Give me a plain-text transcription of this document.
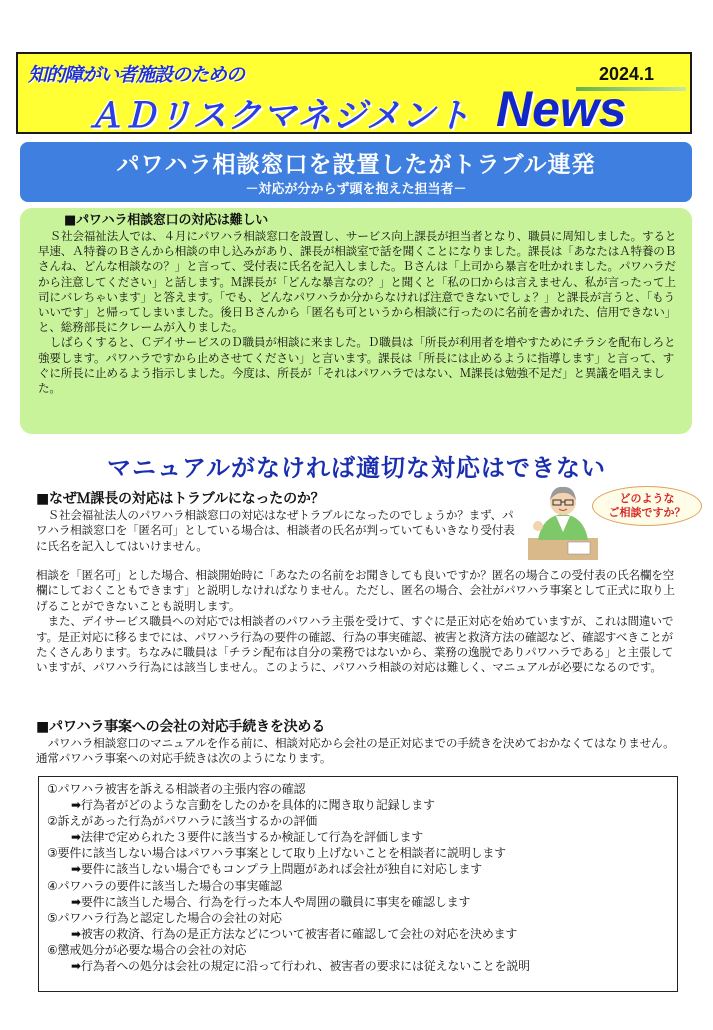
知的障がい者施設のための	2024.1
ＡＤリスクマネジメント News
パワハラ相談窓口を設置したがトラブル連発
－対応が分からず頭を抱えた担当者－
■パワハラ相談窓口の対応は難しい

Ｓ社会福祉法人では、４月にパワハラ相談窓口を設置し、サービス向上課長が担当者となり、職員に周知しました。すると早速、Ａ特養のＢさんから相談の申し込みがあり、課長が相談室で話を聞くことになりました。課長は「あなたはＡ特養のＢさんね、どんな相談なの？」と言って、受付表に氏名を記入しました。Ｂさんは「上司から暴言を吐かれました。パワハラだから注意してください」と話します。Ｍ課長が「どんな暴言なの？」と聞くと「私の口からは言えません、私が言ったって上司にバレちゃいます」と答えます。「でも、どんなパワハラか分からなければ注意できないでしょ？」と課長が言うと、「もういいです」と帰ってしまいました。後日Ｂさんから「匿名も可というから相談に行ったのに名前を書かれた、信用できない」と、総務部長にクレームが入りました。

しばらくすると、ＣデイサービスのＤ職員が相談に来ました。Ｄ職員は「所長が利用者を増やすためにチラシを配布しろと強要します。パワハラですから止めさせてください」と言います。課長は「所長には止めるように指導します」と言って、すぐに所長に止めるよう指示しました。今度は、所長が「それはパワハラではない、Ｍ課長は勉強不足だ」と異議を唱えました。

マニュアルがなければ適切な対応はできない
■なぜＭ課長の対応はトラブルになったのか？

Ｓ社会福祉法人のパワハラ相談窓口の対応はなぜトラブルになったのでしょうか？まず、パワハラ相談窓口を「匿名可」としている場合は、相談者の氏名が判っていてもいきなり受付表に氏名を記入してはいけません。

どのような
ご相談ですか？

相談を「匿名可」とした場合、相談開始時に「あなたの名前をお聞きしても良いですか？匿名の場合この受付表の氏名欄を空欄にしておくこともできます」と説明しなければなりません。ただし、匿名の場合、会社がパワハラ事案として正式に取り上げることができないことも説明します。

また、デイサービス職員への対応では相談者のパワハラ主張を受けて、すぐに是正対応を始めていますが、これは間違いです。是正対応に移るまでには、パワハラ行為の要件の確認、行為の事実確認、被害と救済方法の確認など、確認すべきことがたくさんあります。ちなみに職員は「チラシ配布は自分の業務ではないから、業務の逸脱でありパワハラである」と主張していますが、パワハラ行為には該当しません。このように、パワハラ相談の対応は難しく、マニュアルが必要になるのです。

■パワハラ事案への会社の対応手続きを決める

パワハラ相談窓口のマニュアルを作る前に、相談対応から会社の是正対応までの手続きを決めておかなくてはなりません。通常パワハラ事案への対応手続きは次のようになります。

①パワハラ被害を訴える相談者の主張内容の確認
➡行為者がどのような言動をしたのかを具体的に聞き取り記録します
②訴えがあった行為がパワハラに該当するかの評価
➡法律で定められた３要件に該当するか検証して行為を評価します
③要件に該当しない場合はパワハラ事案として取り上げないことを相談者に説明します
➡要件に該当しない場合でもコンプラ上問題があれば会社が独自に対応します
④パワハラの要件に該当した場合の事実確認
➡要件に該当した場合、行為を行った本人や周囲の職員に事実を確認します
⑤パワハラ行為と認定した場合の会社の対応
➡被害の救済、行為の是正方法などについて被害者に確認して会社の対応を決めます
⑥懲戒処分が必要な場合の会社の対応
➡行為者への処分は会社の規定に沿って行われ、被害者の要求には従えないことを説明
